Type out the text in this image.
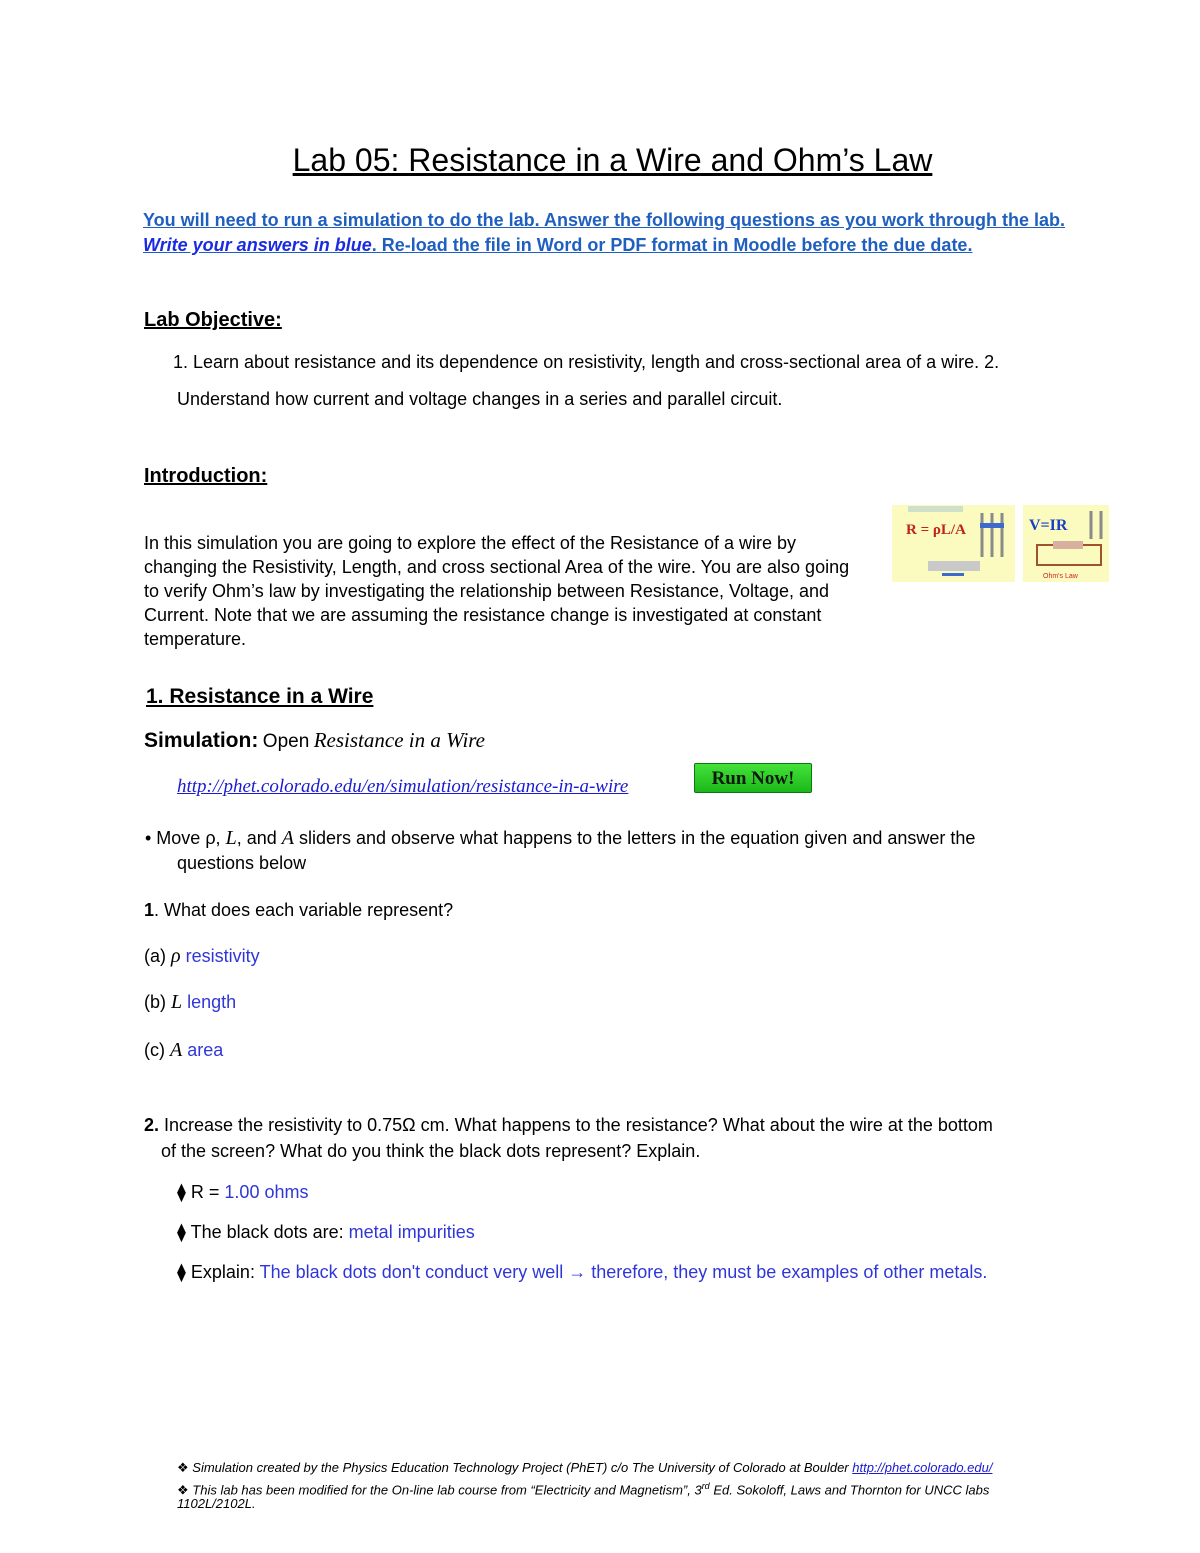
Lab 05: Resistance in a Wire and Ohm’s Law
You will need to run a simulation to do the lab. Answer the following questions as you work through the lab. Write your answers in blue. Re-load the file in Word or PDF format in Moodle before the due date.
Lab Objective:
1. Learn about resistance and its dependence on resistivity, length and cross-sectional area of a wire. 2.
Understand how current and voltage changes in a series and parallel circuit.
Introduction:
In this simulation you are going to explore the effect of the Resistance of a wire by changing the Resistivity, Length, and cross sectional Area of the wire. You are also going to verify Ohm’s law by investigating the relationship between Resistance, Voltage, and Current. Note that we are assuming the resistance change is investigated at constant temperature.
R = ρL/A	V=IR
Ohm's Law
1. Resistance in a Wire
Simulation: Open Resistance in a Wire
http://phet.colorado.edu/en/simulation/resistance-in-a-wire	Run Now!
• Move ρ, L, and A sliders and observe what happens to the letters in the equation given and answer the
questions below
1. What does each variable represent?
(a) ρ resistivity
(b) L length
(c) A area
2. Increase the resistivity to 0.75Ω cm. What happens to the resistance? What about the wire at the bottom
of the screen? What do you think the black dots represent? Explain.
⧫ R = 1.00 ohms
⧫ The black dots are: metal impurities
⧫ Explain: The black dots don't conduct very well → therefore, they must be examples of other metals.
❖ Simulation created by the Physics Education Technology Project (PhET) c/o The University of Colorado at Boulder http://phet.colorado.edu/
❖ This lab has been modified for the On-line lab course from “Electricity and Magnetism”, 3rd Ed. Sokoloff, Laws and Thornton for UNCC labs
1102L/2102L.
